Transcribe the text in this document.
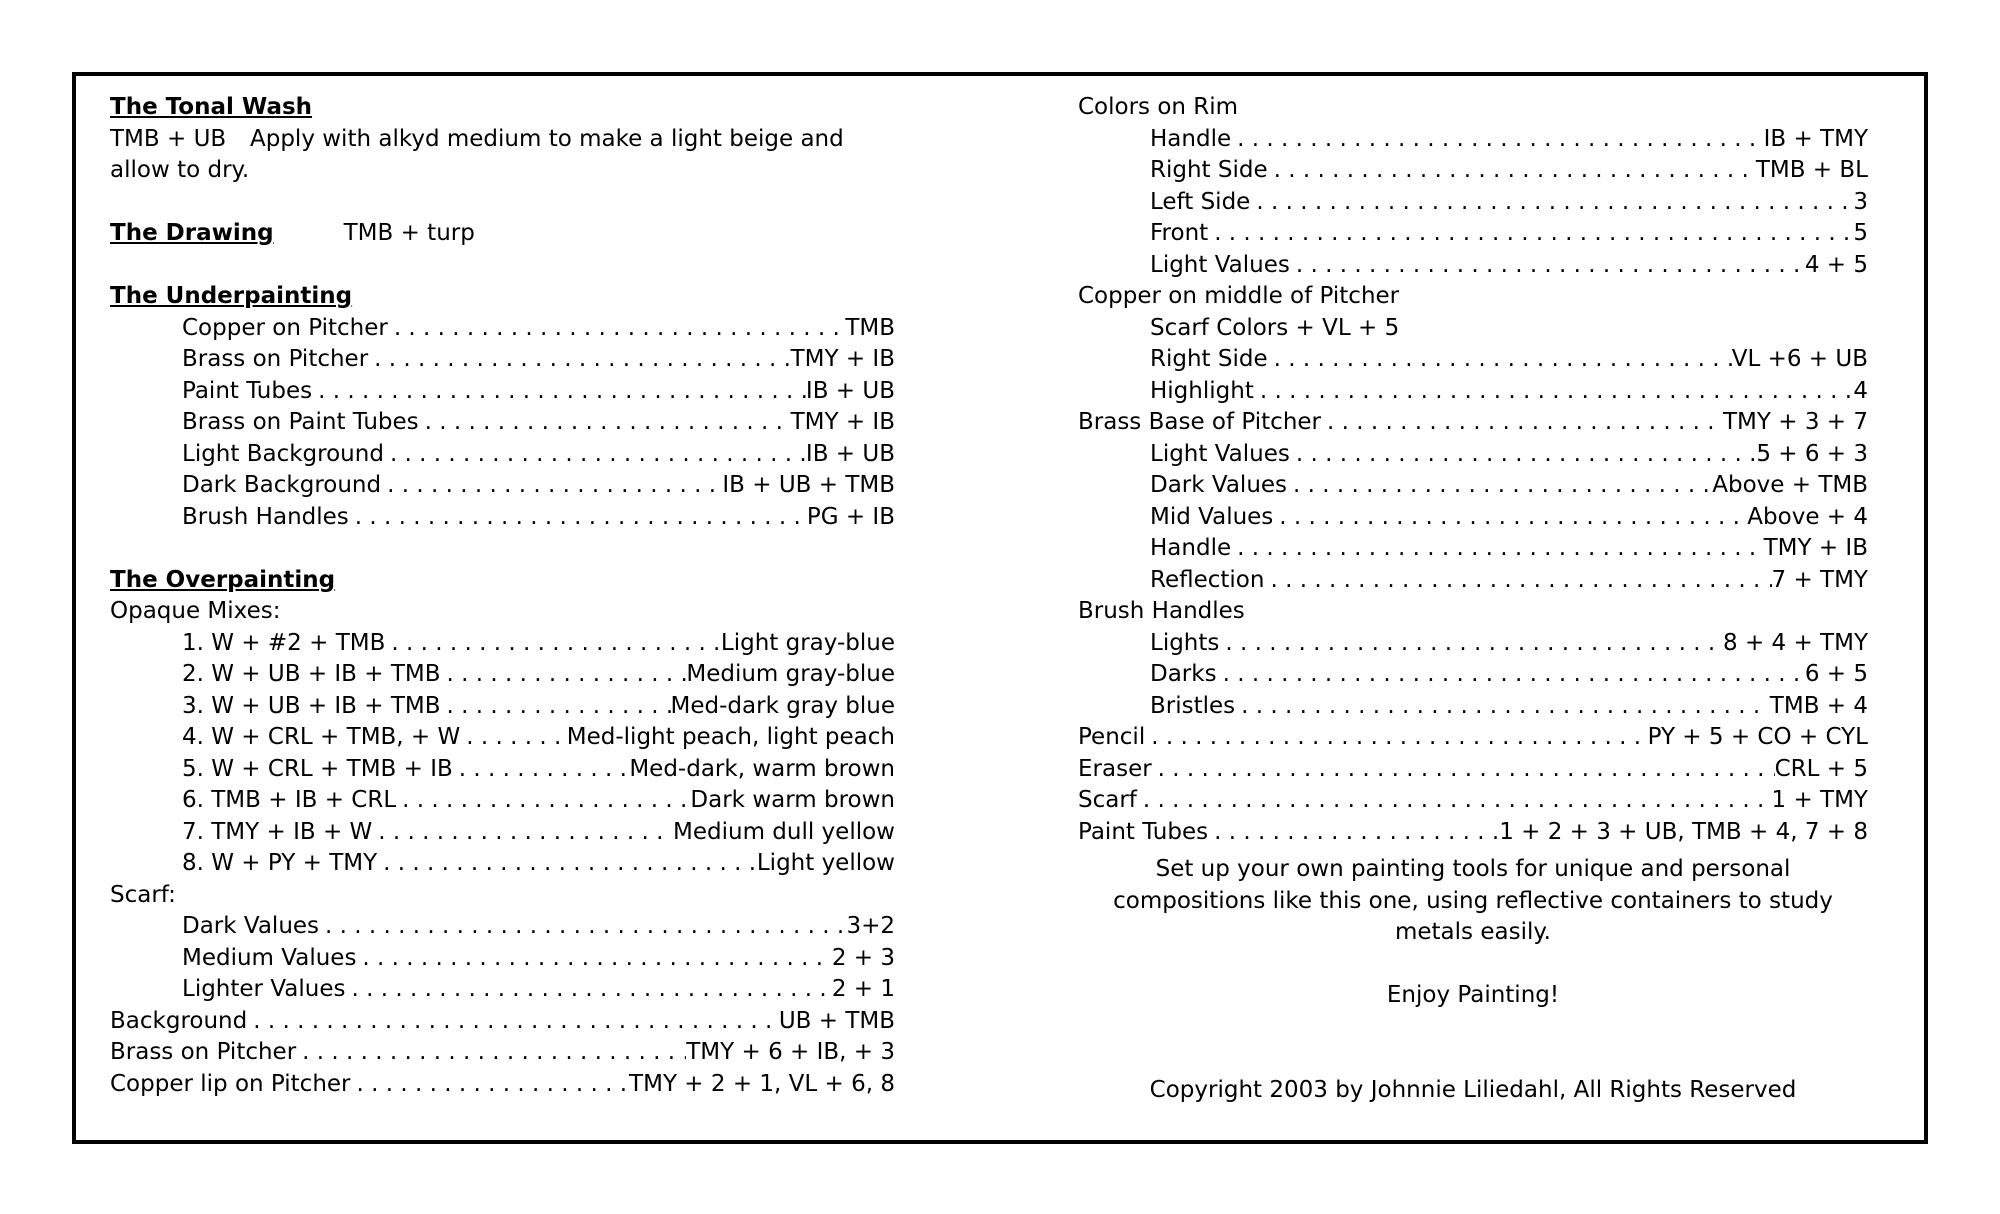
The Tonal Wash
TMB + UB Apply with alkyd medium to make a light beige and allow to dry.
The Drawing	TMB + turp
The Underpainting
Copper on Pitcher . . .	TMB
Brass on Pitcher . . .	TMY + IB
Paint Tubes . . .	IB + UB
Brass on Paint Tubes . . .	TMY + IB
Light Background . . .	IB + UB
Dark Background . . .	IB + UB + TMB
Brush Handles . . .	PG + IB
The Overpainting
Opaque Mixes:
1. W + #2 + TMB . . .	Light gray-blue
2. W + UB + IB + TMB . . .	Medium gray-blue
3. W + UB + IB + TMB . . .	Med-dark gray blue
4. W + CRL + TMB, + W . . .	Med-light peach, light peach
5. W + CRL + TMB + IB . . .	Med-dark, warm brown
6. TMB + IB + CRL . . .	Dark warm brown
7. TMY + IB + W . . .	Medium dull yellow
8. W + PY + TMY . . .	Light yellow
Scarf:
Dark Values . . .	3+2
Medium Values . . .	2 + 3
Lighter Values . . .	2 + 1
Background . . .	UB + TMB
Brass on Pitcher . . .	TMY + 6 + IB, + 3
Copper lip on Pitcher . . .	TMY + 2 + 1, VL + 6, 8
Colors on Rim
Handle . . .	IB + TMY
Right Side . . .	TMB + BL
Left Side . . .	3
Front . . .	5
Light Values . . .	4 + 5
Copper on middle of Pitcher
Scarf Colors + VL + 5
Right Side . . .	VL +6 + UB
Highlight . . .	4
Brass Base of Pitcher . . .	TMY + 3 + 7
Light Values . . .	5 + 6 + 3
Dark Values . . .	Above + TMB
Mid Values . . .	Above + 4
Handle . . .	TMY + IB
Reflection . . .	7 + TMY
Brush Handles
Lights . . .	8 + 4 + TMY
Darks . . .	6 + 5
Bristles . . .	TMB + 4
Pencil . . .	PY + 5 + CO + CYL
Eraser . . .	CRL + 5
Scarf . . .	1 + TMY
Paint Tubes . . .	1 + 2 + 3 + UB, TMB + 4, 7 + 8
Set up your own painting tools for unique and personal compositions like this one, using reflective containers to study metals easily.
Enjoy Painting!
Copyright 2003 by Johnnie Liliedahl, All Rights Reserved
